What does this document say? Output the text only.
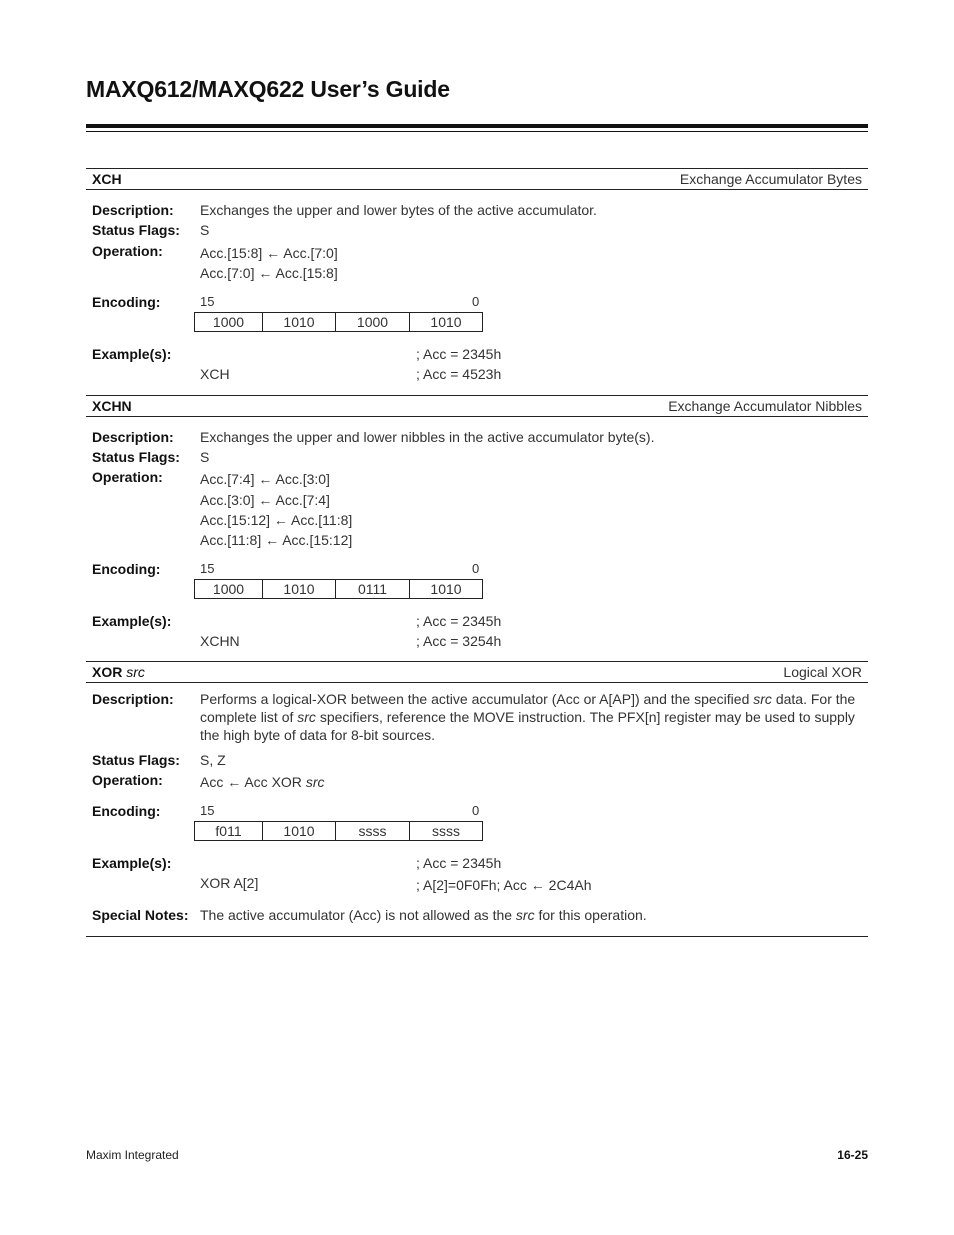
MAXQ612/MAXQ622 User’s Guide
XCH	Exchange Accumulator Bytes
Description: Exchanges the upper and lower bytes of the active accumulator.
Status Flags: S
Operation:	Acc.[15:8] ← Acc.[7:0]
Acc.[7:0] ← Acc.[15:8]
Encoding:	15	0
1000	1010	1000	1010
Example(s):	; Acc = 2345h
XCH	; Acc = 4523h
XCHN	Exchange Accumulator Nibbles
Description: Exchanges the upper and lower nibbles in the active accumulator byte(s).
Status Flags: S
Operation:	Acc.[7:4] ← Acc.[3:0]
Acc.[3:0] ← Acc.[7:4]
Acc.[15:12] ← Acc.[11:8]
Acc.[11:8] ← Acc.[15:12]
Encoding:	15	0
1000	1010	0111	1010
Example(s):	; Acc = 2345h
XCHN	; Acc = 3254h
XOR src	Logical XOR
Description: Performs a logical-XOR between the active accumulator (Acc or A[AP]) and the specified src data. For the complete list of src specifiers, reference the MOVE instruction. The PFX[n] register may be used to supply the high byte of data for 8-bit sources.
Status Flags: S, Z
Operation:	Acc ← Acc XOR src
Encoding:	15	0
f011	1010	ssss	ssss
Example(s):	; Acc = 2345h
XOR A[2]	; A[2]=0F0Fh; Acc ← 2C4Ah
Special Notes: The active accumulator (Acc) is not allowed as the src for this operation.
Maxim Integrated	16-25
